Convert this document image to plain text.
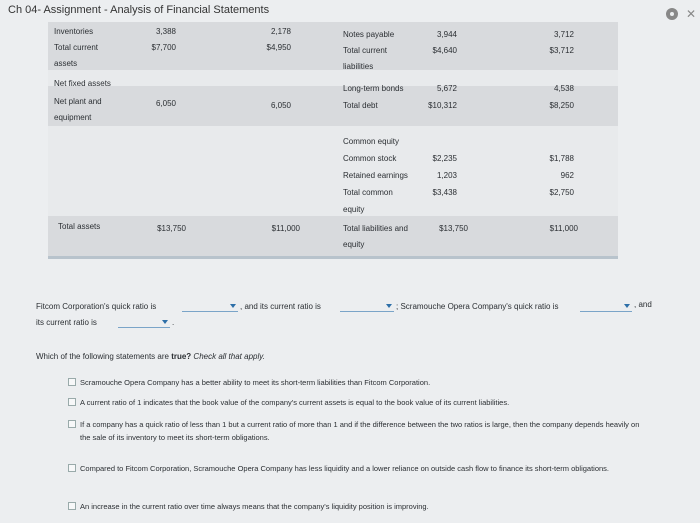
Ch 04- Assignment - Analysis of Financial Statements	✕
Inventories	3,388	2,178	Notes payable	3,944	3,712
Total current	$7,700	$4,950	Total current	$4,640	$3,712
assets	liabilities
Net fixed assets
Long-term bonds	5,672	4,538
Net plant and	6,050	6,050	Total debt	$10,312	$8,250
equipment
Common equity
Common stock	$2,235	$1,788
Retained earnings	1,203	962
Total common	$3,438	$2,750
equity
Total assets	$13,750	$11,000	Total liabilities and	$13,750	$11,000
equity
Fitcom Corporation's quick ratio is	, and its current ratio is	; Scramouche Opera Company's quick ratio is	, and
its current ratio is	.
Which of the following statements are true? Check all that apply.
Scramouche Opera Company has a better ability to meet its short-term liabilities than Fitcom Corporation.
A current ratio of 1 indicates that the book value of the company's current assets is equal to the book value of its current liabilities.
If a company has a quick ratio of less than 1 but a current ratio of more than 1 and if the difference between the two ratios is large, then the company depends heavily on the sale of its inventory to meet its short-term obligations.
Compared to Fitcom Corporation, Scramouche Opera Company has less liquidity and a lower reliance on outside cash flow to finance its short-term obligations.
An increase in the current ratio over time always means that the company's liquidity position is improving.
